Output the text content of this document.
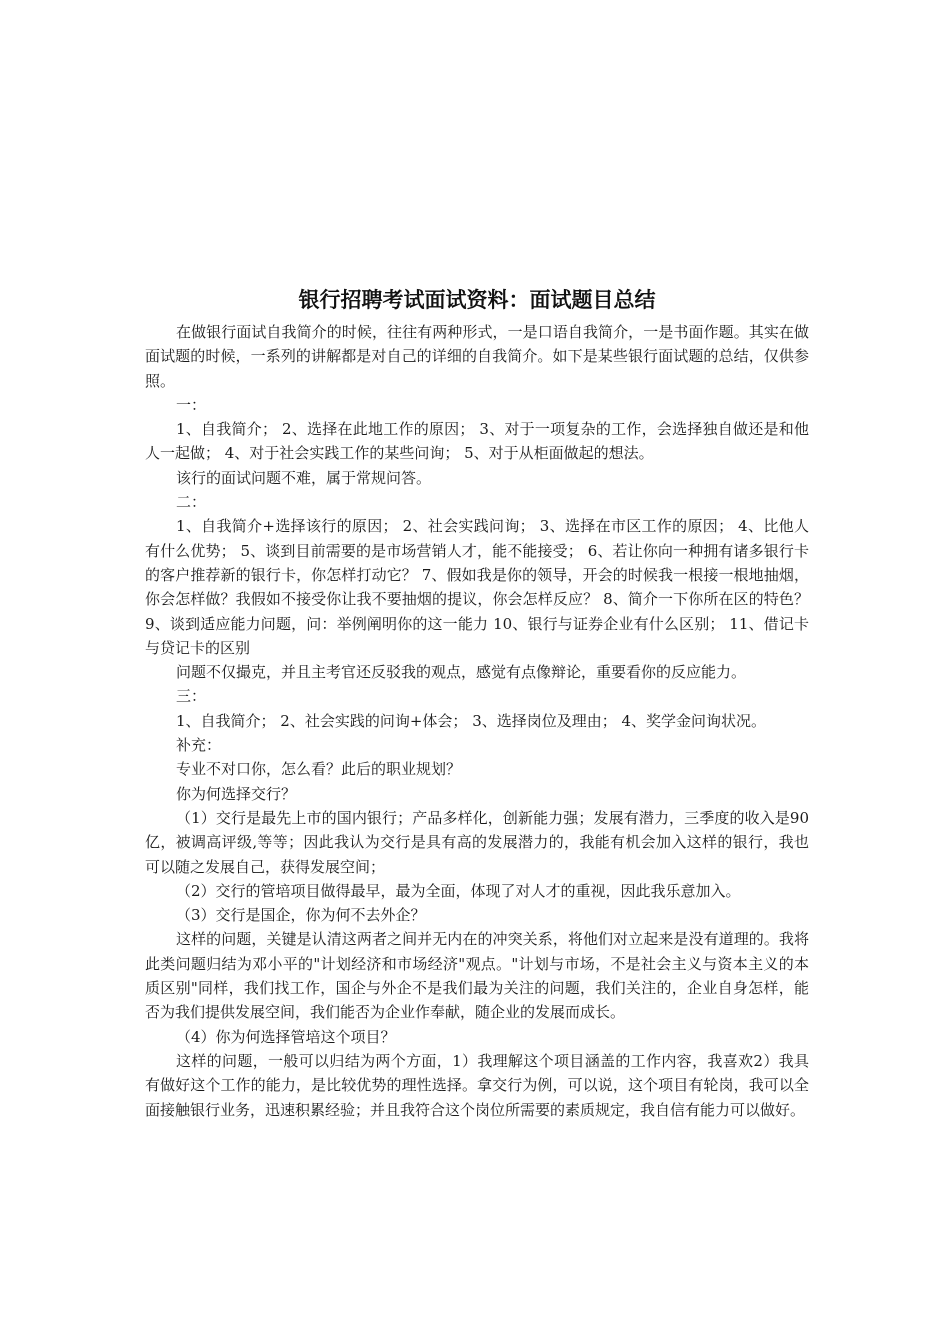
银行招聘考试面试资料：面试题目总结

在做银行面试自我简介的时候，往往有两种形式，一是口语自我简介，一是书面作题。其实在做面试题的时候，一系列的讲解都是对自己的详细的自我简介。如下是某些银行面试题的总结，仅供参照。

一：

1、自我简介； 2、选择在此地工作的原因； 3、对于一项复杂的工作，会选择独自做还是和他人一起做； 4、对于社会实践工作的某些问询； 5、对于从柜面做起的想法。

该行的面试问题不难，属于常规问答。

二：

1、自我简介+选择该行的原因； 2、社会实践问询； 3、选择在市区工作的原因； 4、比他人有什么优势； 5、谈到目前需要的是市场营销人才，能不能接受； 6、若让你向一种拥有诸多银行卡的客户推荐新的银行卡，你怎样打动它？ 7、假如我是你的领导，开会的时候我一根接一根地抽烟，你会怎样做？我假如不接受你让我不要抽烟的提议，你会怎样反应？ 8、简介一下你所在区的特色？ 9、谈到适应能力问题，问：举例阐明你的这一能力 10、银行与证券企业有什么区别； 11、借记卡与贷记卡的区别

问题不仅撮克，并且主考官还反驳我的观点，感觉有点像辩论，重要看你的反应能力。

三：

1、自我简介； 2、社会实践的问询+体会； 3、选择岗位及理由； 4、奖学金问询状况。

补充：

专业不对口你，怎么看？此后的职业规划？

你为何选择交行？

（1）交行是最先上市的国内银行；产品多样化，创新能力强；发展有潜力，三季度的收入是90亿，被调高评级,等等；因此我认为交行是具有高的发展潜力的，我能有机会加入这样的银行，我也可以随之发展自己，获得发展空间；

（2）交行的管培项目做得最早，最为全面，体现了对人才的重视，因此我乐意加入。

（3）交行是国企，你为何不去外企？

这样的问题，关键是认清这两者之间并无内在的冲突关系，将他们对立起来是没有道理的。我将此类问题归结为邓小平的"计划经济和市场经济"观点。"计划与市场，不是社会主义与资本主义的本质区别"同样，我们找工作，国企与外企不是我们最为关注的问题，我们关注的，企业自身怎样，能否为我们提供发展空间，我们能否为企业作奉献，随企业的发展而成长。

（4）你为何选择管培这个项目？

这样的问题，一般可以归结为两个方面，1）我理解这个项目涵盖的工作内容，我喜欢2）我具有做好这个工作的能力，是比较优势的理性选择。拿交行为例，可以说，这个项目有轮岗，我可以全面接触银行业务，迅速积累经验；并且我符合这个岗位所需要的素质规定，我自信有能力可以做好。
